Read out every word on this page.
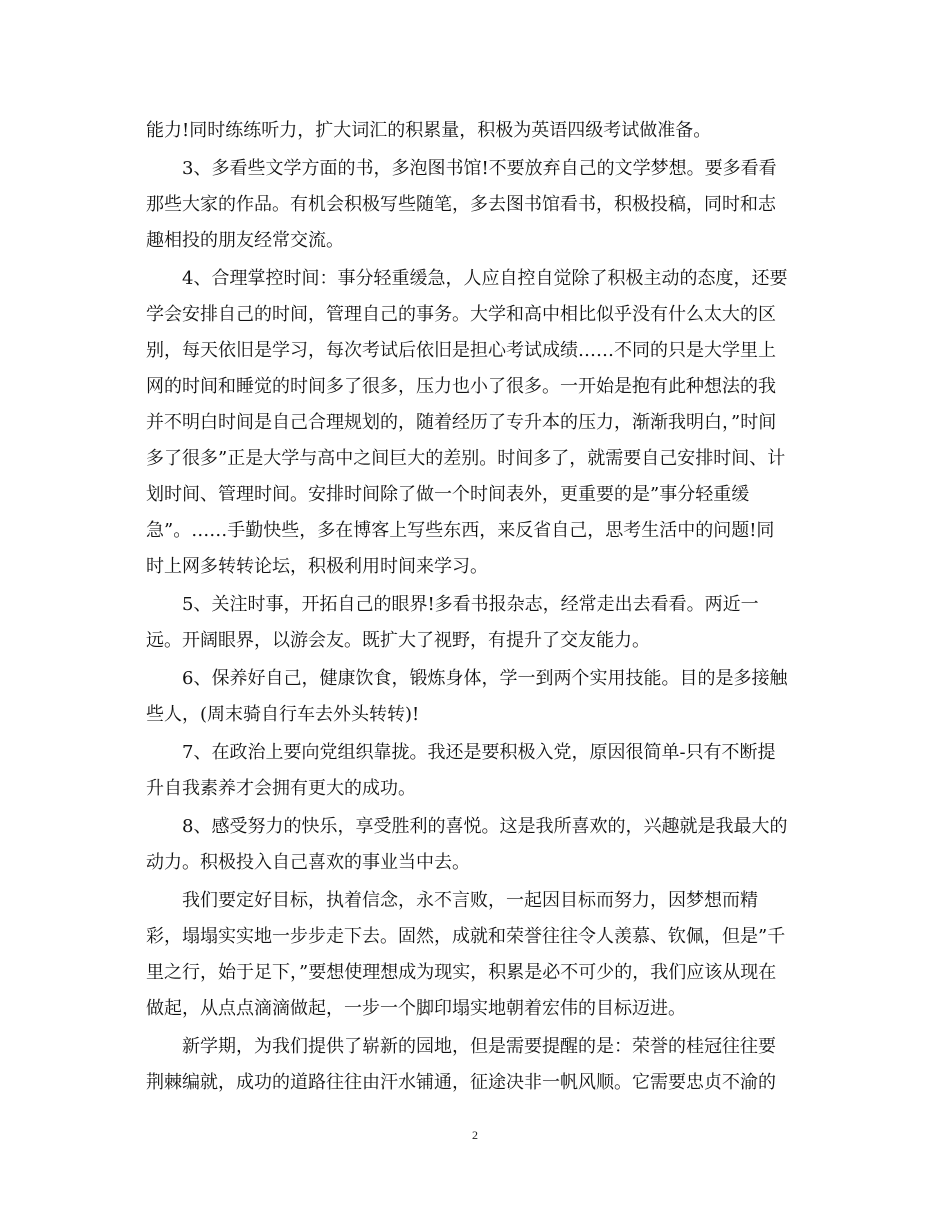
能力!同时练练听力，扩大词汇的积累量，积极为英语四级考试做准备。
3、多看些文学方面的书，多泡图书馆!不要放弃自己的文学梦想。要多看看
那些大家的作品。有机会积极写些随笔，多去图书馆看书，积极投稿，同时和志
趣相投的朋友经常交流。
4、合理掌控时间：事分轻重缓急，人应自控自觉除了积极主动的态度，还要
学会安排自己的时间，管理自己的事务。大学和高中相比似乎没有什么太大的区
别，每天依旧是学习，每次考试后依旧是担心考试成绩……不同的只是大学里上
网的时间和睡觉的时间多了很多，压力也小了很多。一开始是抱有此种想法的我
并不明白时间是自己合理规划的，随着经历了专升本的压力，渐渐我明白，”时间
多了很多”正是大学与高中之间巨大的差别。时间多了，就需要自己安排时间、计
划时间、管理时间。安排时间除了做一个时间表外，更重要的是”事分轻重缓
急”。……手勤快些，多在博客上写些东西，来反省自己，思考生活中的问题!同
时上网多转转论坛，积极利用时间来学习。
5、关注时事，开拓自己的眼界!多看书报杂志，经常走出去看看。两近一
远。开阔眼界，以游会友。既扩大了视野，有提升了交友能力。
6、保养好自己，健康饮食，锻炼身体，学一到两个实用技能。目的是多接触
些人，(周末骑自行车去外头转转)!
7、在政治上要向党组织靠拢。我还是要积极入党，原因很简单-只有不断提
升自我素养才会拥有更大的成功。
8、感受努力的快乐，享受胜利的喜悦。这是我所喜欢的，兴趣就是我最大的
动力。积极投入自己喜欢的事业当中去。
我们要定好目标，执着信念，永不言败，一起因目标而努力，因梦想而精
彩，塌塌实实地一步步走下去。固然，成就和荣誉往往令人羡慕、钦佩，但是”千
里之行，始于足下，”要想使理想成为现实，积累是必不可少的，我们应该从现在
做起，从点点滴滴做起，一步一个脚印塌实地朝着宏伟的目标迈进。
新学期，为我们提供了崭新的园地，但是需要提醒的是：荣誉的桂冠往往要
荆棘编就，成功的道路往往由汗水铺通，征途决非一帆风顺。它需要忠贞不渝的
2
